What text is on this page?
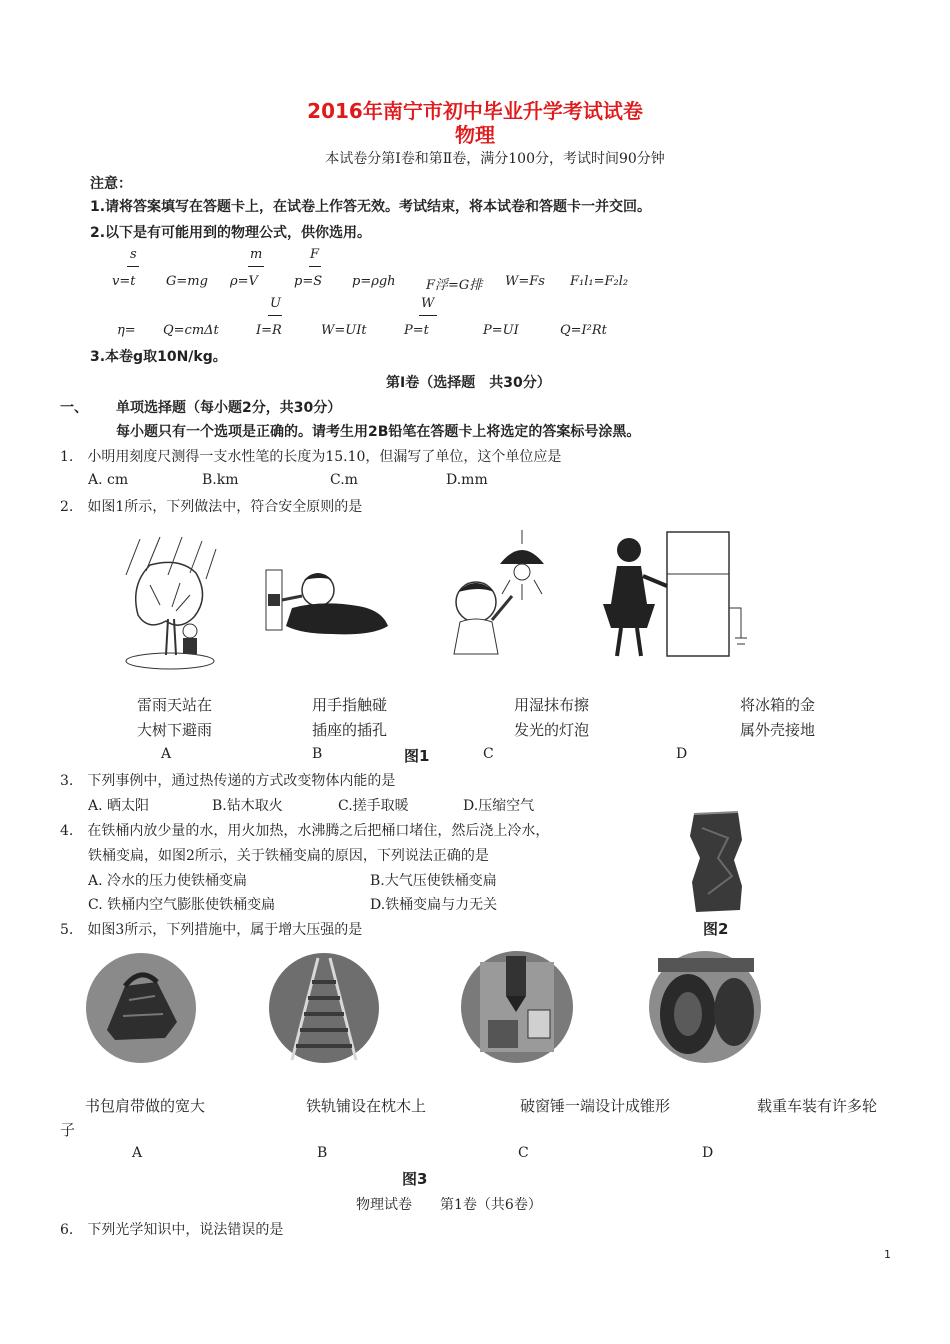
2016年南宁市初中毕业升学考试试卷
物理
本试卷分第Ⅰ卷和第Ⅱ卷，满分100分，考试时间90分钟
注意：
1.请将答案填写在答题卡上，在试卷上作答无效。考试结束，将本试卷和答题卡一并交回。
2.以下是有可能用到的物理公式，供你选用。
s	m	F
v=t G=mg ρ=V	p=S p=ρgh F浮=G排 W=Fs F₁l₁=F₂l₂
U	W
η= Q=cmΔt	I=R	W=UIt	P=t	P=UI	Q=I²Rt
3.本卷g取10N/kg。
第Ⅰ卷（选择题　共30分）
一、 单项选择题（每小题2分，共30分）
每小题只有一个选项是正确的。请考生用2B铅笔在答题卡上将选定的答案标号涂黑。
1.　小明用刻度尺测得一支水性笔的长度为15.10，但漏写了单位，这个单位应是
A. cm	B.km	C.m	D.mm
2.　如图1所示，下列做法中，符合安全原则的是
雷雨天站在
大树下避雨
用手指触碰
插座的插孔
用湿抹布擦
发光的灯泡
将冰箱的金
属外壳接地
A	B	图1	C	D
3.　下列事例中，通过热传递的方式改变物体内能的是
A. 晒太阳	B.钻木取火	C.搓手取暖	D.压缩空气
4.　在铁桶内放少量的水，用火加热，水沸腾之后把桶口堵住，然后浇上冷水，
铁桶变扁，如图2所示，关于铁桶变扁的原因，下列说法正确的是
A. 冷水的压力使铁桶变扁	B.大气压使铁桶变扁
C. 铁桶内空气膨胀使铁桶变扁	D.铁桶变扁与力无关
图2
5.　如图3所示，下列措施中，属于增大压强的是
书包肩带做的宽大	铁轨铺设在枕木上	破窗锤一端设计成锥形	载重车装有许多轮
子
A	B	C	D
图3
物理试卷　　第1卷（共6卷）
6.　下列光学知识中，说法错误的是
1
